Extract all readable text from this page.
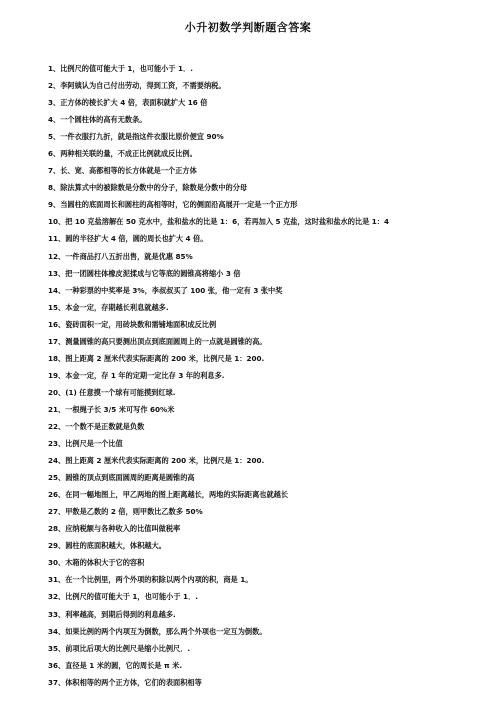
小升初数学判断题含答案
1、比例尺的值可能大于 1，也可能小于 1．.
2、李阿姨认为自己付出劳动，得到工资，不需要纳税。
3、正方体的棱长扩大 4 倍，表面积就扩大 16 倍
4、一个圆柱体的高有无数条。
5、一件衣服打九折，就是指这件衣服比原价便宜 90%
6、两种相关联的量，不成正比例就成反比例。
7、长、宽、高都相等的长方体就是一个正方体
8、除法算式中的被除数是分数中的分子，除数是分数中的分母
9、当圆柱的底面周长和圆柱的高相等时，它的侧面沿高展开一定是一个正方形
10、把 10 克盐溶解在 50 克水中，盐和盐水的比是 1：6，若再加入 5 克盐，这时盐和盐水的比是 1：4
11、圆的半径扩大 4 倍，圆的周长也扩大 4 倍。
12、一件商品打八五折出售，就是优惠 85%
13、把一团圆柱体橡皮泥揉成与它等底的圆锥高将缩小 3 倍
14、一种彩票的中奖率是 3%，李叔叔买了 100 张，他一定有 3 张中奖
15、本金一定，存期越长利息就越多.
16、瓷砖面积一定，用砖块数和需铺地面积成反比例
17、测量圆锥的高只要测出顶点到底面圆周上的一点就是圆锥的高。
18、图上距离 2 厘米代表实际距离的 200 米，比例尺是 1：200.
19、本金一定，存 1 年的定期一定比存 3 年的利息多.
20、(1) 任意摸一个球有可能摸到红球.
21、一根绳子长 3/5 米可写作 60%米
22、一个数不是正数就是负数
23、比例尺是一个比值
24、图上距离 2 厘米代表实际距离的 200 米，比例尺是 1：200.
25、圆锥的顶点到底面圆周的距离是圆锥的高
26、在同一幅地图上，甲乙两地的图上距离越长，两地的实际距离也就越长
27、甲数是乙数的 2 倍，则甲数比乙数多 50%
28、应纳税额与各种收入的比值叫做税率
29、圆柱的底面积越大，体积越大。
30、木箱的体积大于它的容积
31、在一个比例里，两个外项的积除以两个内项的积，商是 1。
32、比例尺的值可能大于 1，也可能小于 1．.
33、利率越高，到期后得到的利息越多.
34、如果比例的两个内项互为倒数，那么两个外项也一定互为倒数。
35、前项比后项大的比例尺是缩小比例尺．.
36、直径是 1 米的圆，它的周长是 π 米.
37、体积相等的两个正方体，它们的表面积相等
